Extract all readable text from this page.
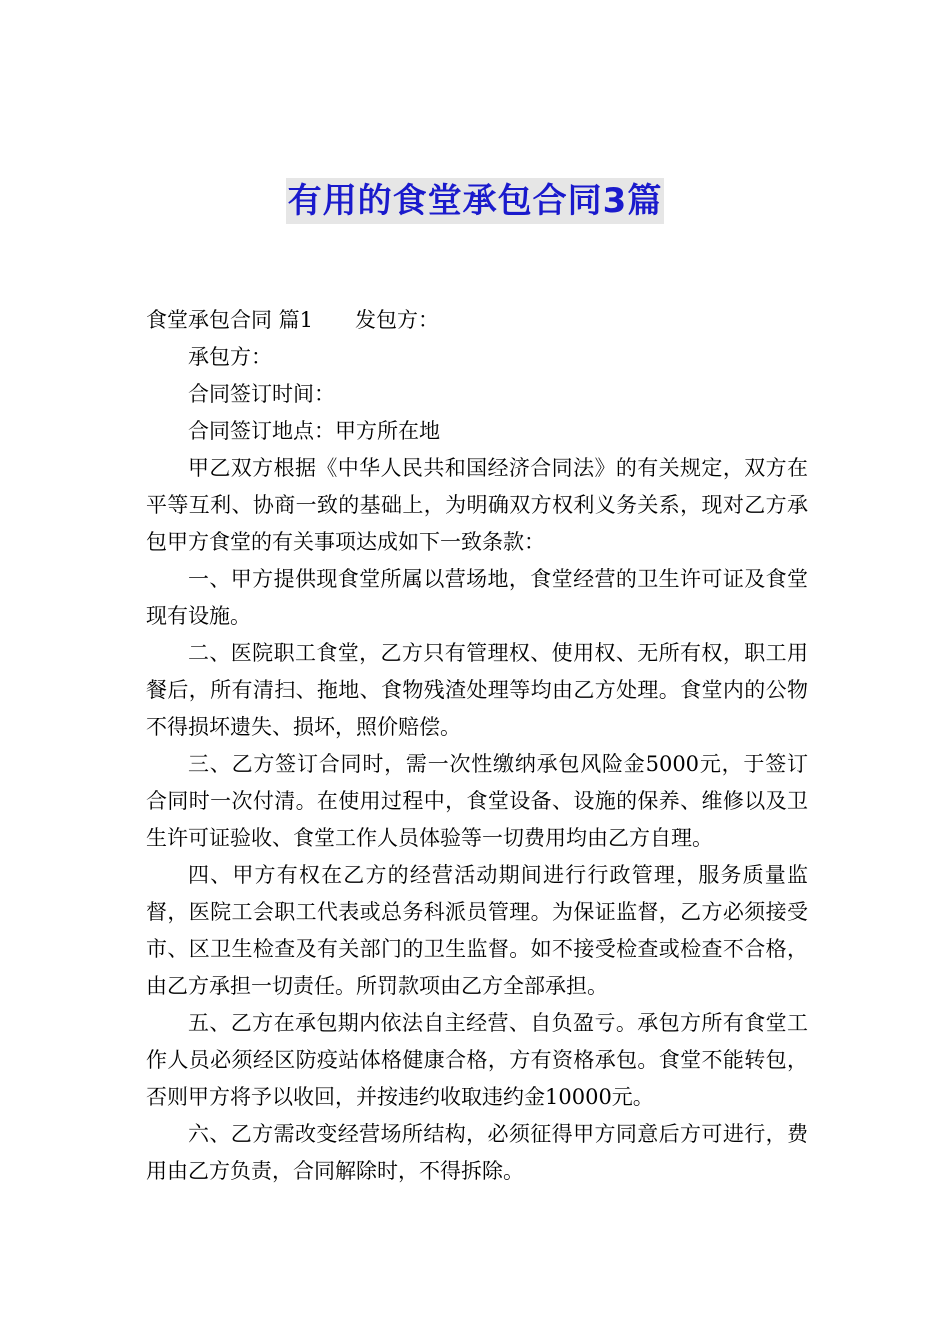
有用的食堂承包合同3篇

食堂承包合同 篇1 发包方：

承包方：

合同签订时间：

合同签订地点：甲方所在地

甲乙双方根据《中华人民共和国经济合同法》的有关规定，双方在平等互利、协商一致的基础上，为明确双方权利义务关系，现对乙方承包甲方食堂的有关事项达成如下一致条款：

一、甲方提供现食堂所属以营场地，食堂经营的卫生许可证及食堂现有设施。

二、医院职工食堂，乙方只有管理权、使用权、无所有权，职工用餐后，所有清扫、拖地、食物残渣处理等均由乙方处理。食堂内的公物不得损坏遗失、损坏，照价赔偿。

三、乙方签订合同时，需一次性缴纳承包风险金5000元，于签订合同时一次付清。在使用过程中，食堂设备、设施的保养、维修以及卫生许可证验收、食堂工作人员体验等一切费用均由乙方自理。

四、甲方有权在乙方的经营活动期间进行行政管理，服务质量监督，医院工会职工代表或总务科派员管理。为保证监督，乙方必须接受市、区卫生检查及有关部门的卫生监督。如不接受检查或检查不合格，由乙方承担一切责任。所罚款项由乙方全部承担。

五、乙方在承包期内依法自主经营、自负盈亏。承包方所有食堂工作人员必须经区防疫站体格健康合格，方有资格承包。食堂不能转包，否则甲方将予以收回，并按违约收取违约金10000元。

六、乙方需改变经营场所结构，必须征得甲方同意后方可进行，费用由乙方负责，合同解除时，不得拆除。
